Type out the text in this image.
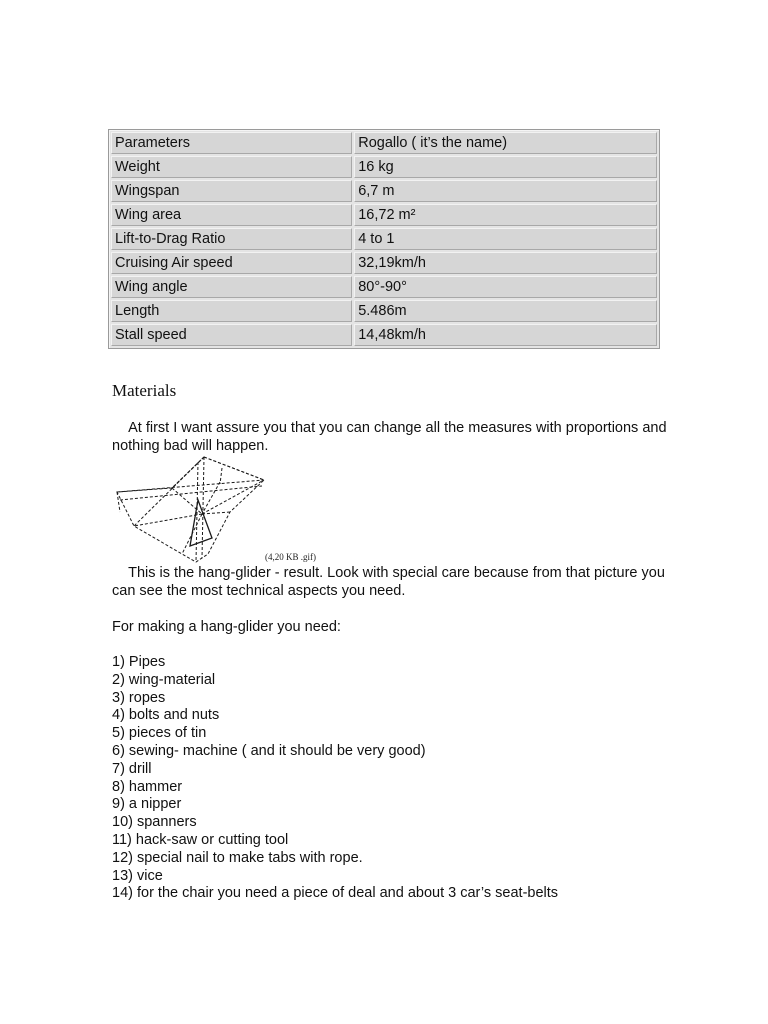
Parameters	Rogallo ( it’s the name)
Weight	16 kg
Wingspan	6,7 m
Wing area	16,72 m²
Lift-to-Drag Ratio	4 to 1
Cruising Air speed	32,19km/h
Wing angle	80°-90°
Length	5.486m
Stall speed	14,48km/h
Materials

At first I want assure you that you can change all the measures with proportions and nothing bad will happen.

(4,20 KB .gif)

This is the hang-glider - result. Look with special care because from that picture you can see the most technical aspects you need.

For making a hang-glider you need:

1) Pipes
2) wing-material
3) ropes
4) bolts and nuts
5) pieces of tin
6) sewing- machine ( and it should be very good)
7) drill
8) hammer
9) a nipper
10) spanners
11) hack-saw or cutting tool
12) special nail to make tabs with rope.
13) vice
14) for the chair you need a piece of deal and about 3 car’s seat-belts
